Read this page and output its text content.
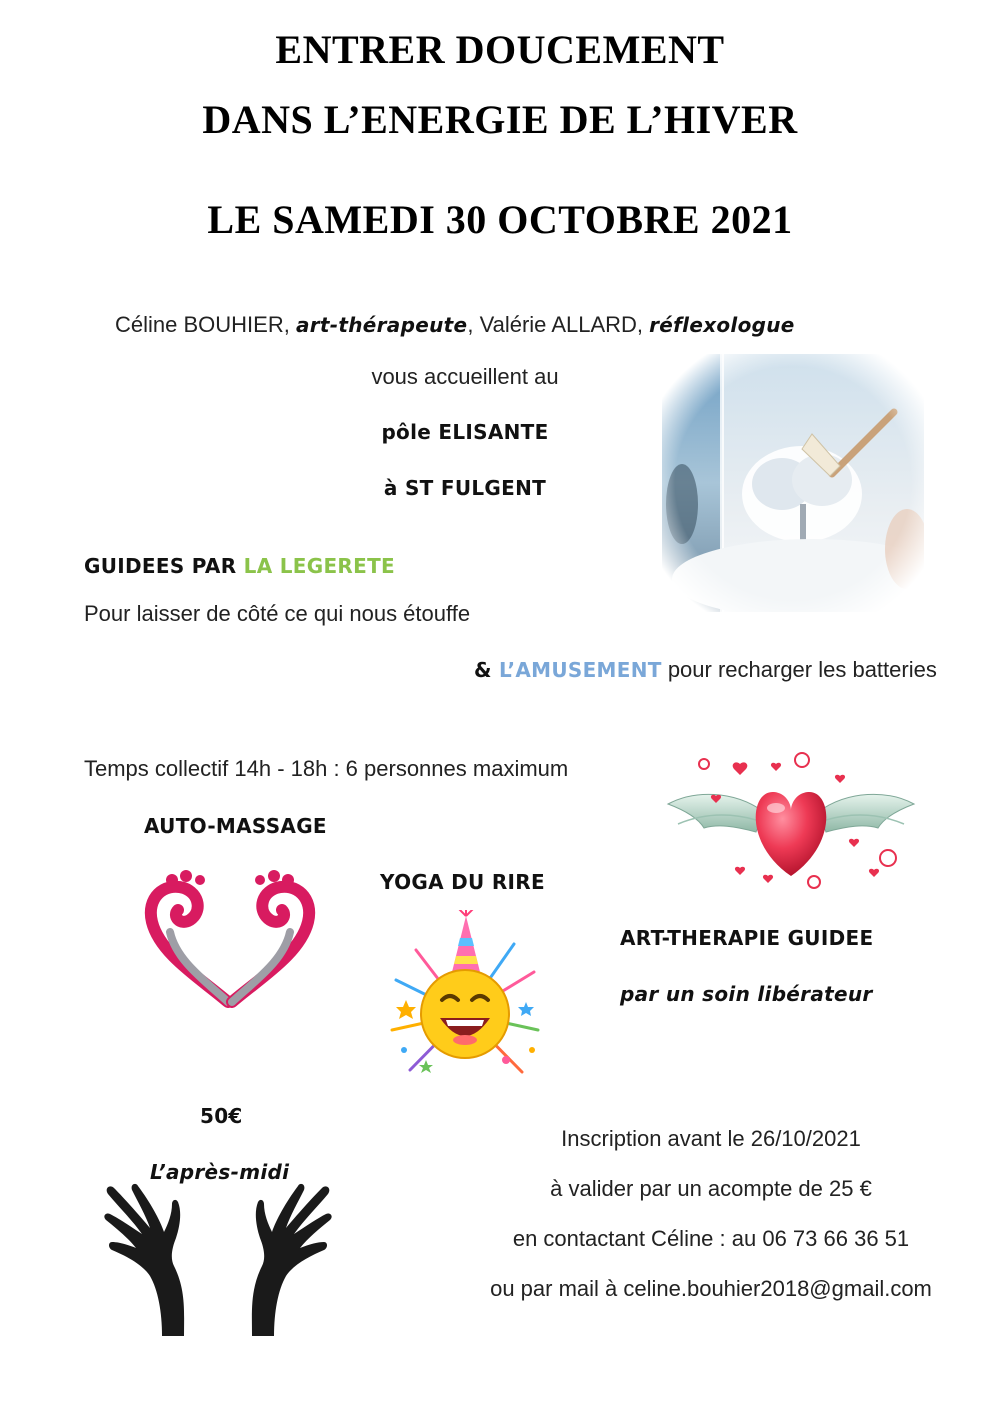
ENTRER DOUCEMENT
DANS L’ENERGIE DE L’HIVER
LE SAMEDI 30 OCTOBRE 2021
Céline BOUHIER, art-thérapeute, Valérie ALLARD, réflexologue
vous accueillent au
pôle ELISANTE
à ST FULGENT
GUIDEES PAR LA LEGERETE
Pour laisser de côté ce qui nous étouffe
& L’AMUSEMENT pour recharger les batteries
Temps collectif 14h - 18h : 6 personnes maximum
AUTO-MASSAGE
YOGA DU RIRE
ART-THERAPIE GUIDEE
par un soin libérateur
50€
L’après-midi
Inscription avant le 26/10/2021
à valider par un acompte de 25 €
en contactant Céline : au 06 73 66 36 51
ou par mail à celine.bouhier2018@gmail.com
